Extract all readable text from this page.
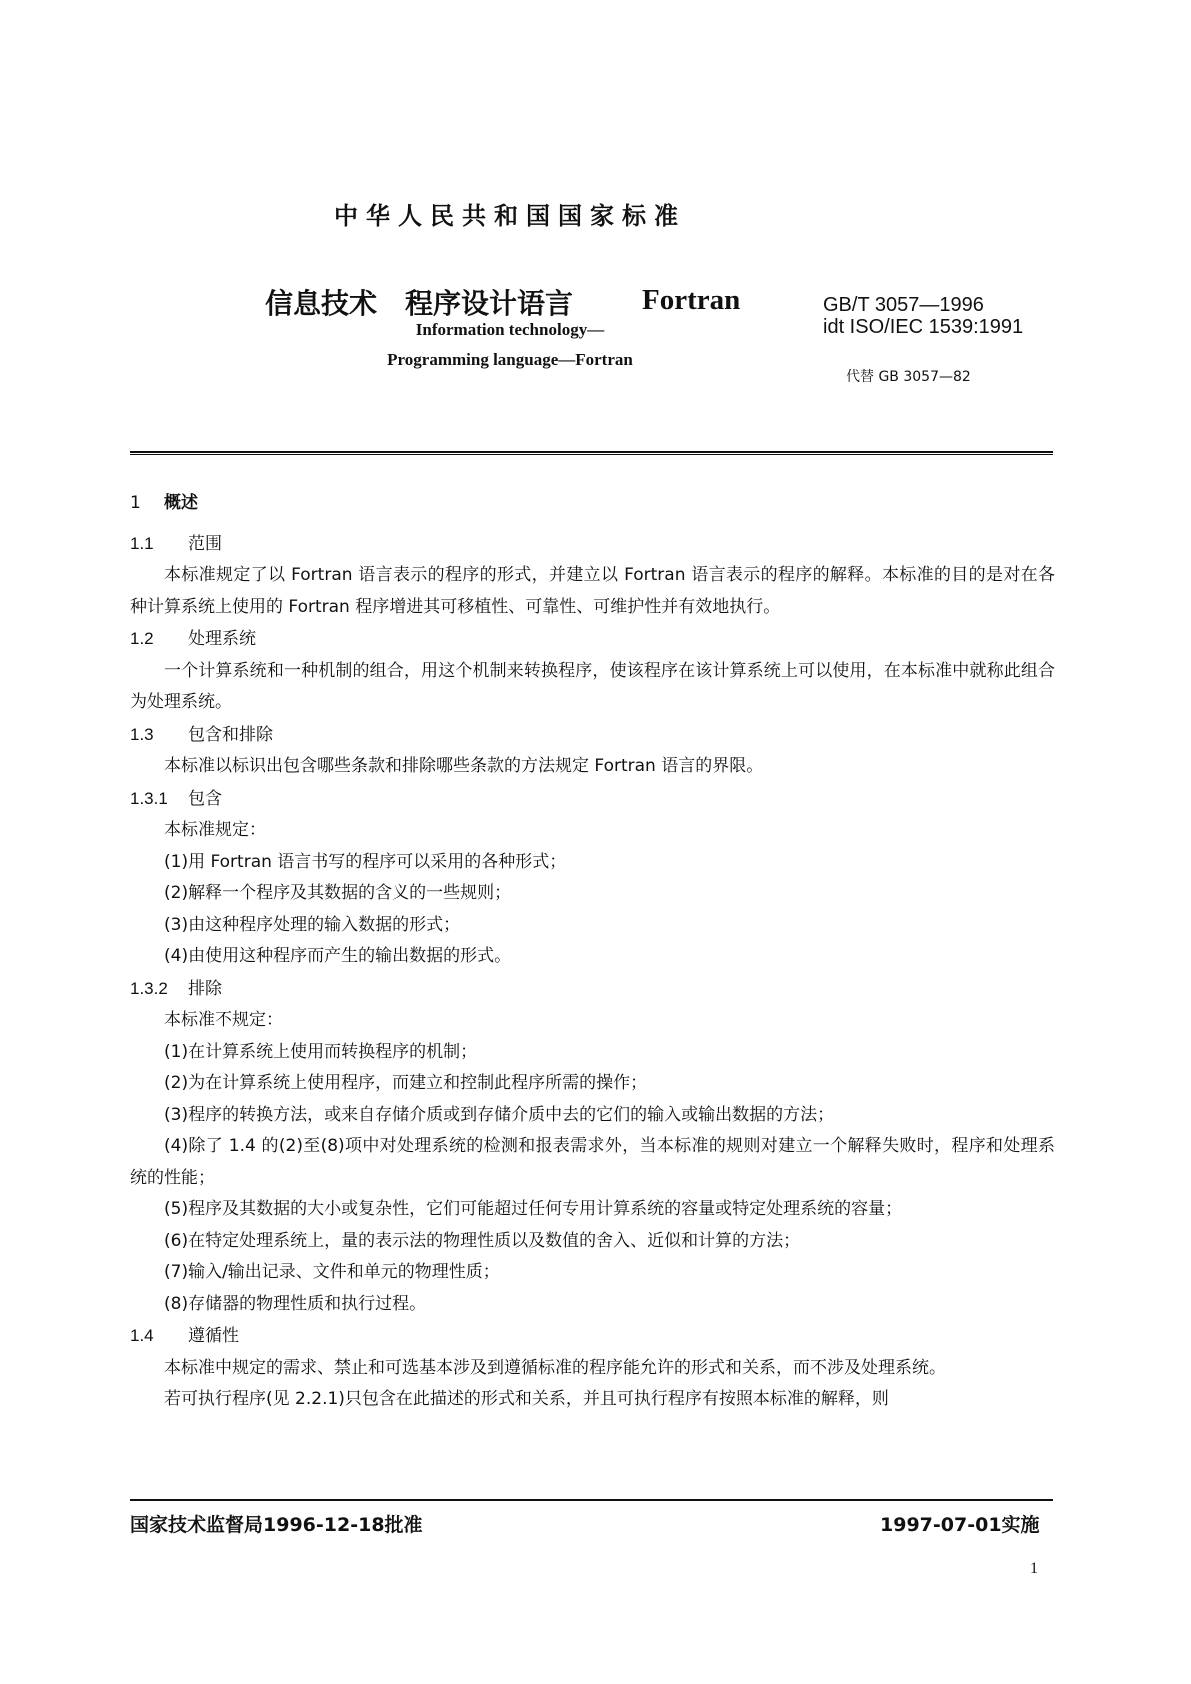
中华人民共和国国家标准
信息技术 程序设计语言 Fortran	GB/T 3057—1996
idt ISO/IEC 1539:1991
Information technology—
Programming language—Fortran
代替 GB 3057—82

1 概述

1.1 范围

本标准规定了以 Fortran 语言表示的程序的形式，并建立以 Fortran 语言表示的程序的解释。本标准的目的是对在各种计算系统上使用的 Fortran 程序增进其可移植性、可靠性、可维护性并有效地执行。

1.2 处理系统

一个计算系统和一种机制的组合，用这个机制来转换程序，使该程序在该计算系统上可以使用，在本标准中就称此组合为处理系统。

1.3 包含和排除

本标准以标识出包含哪些条款和排除哪些条款的方法规定 Fortran 语言的界限。

1.3.1 包含

本标准规定：

(1)用 Fortran 语言书写的程序可以采用的各种形式；

(2)解释一个程序及其数据的含义的一些规则；

(3)由这种程序处理的输入数据的形式；

(4)由使用这种程序而产生的输出数据的形式。

1.3.2 排除

本标准不规定：

(1)在计算系统上使用而转换程序的机制；

(2)为在计算系统上使用程序，而建立和控制此程序所需的操作；

(3)程序的转换方法，或来自存储介质或到存储介质中去的它们的输入或输出数据的方法；

(4)除了 1.4 的(2)至(8)项中对处理系统的检测和报表需求外，当本标准的规则对建立一个解释失败时，程序和处理系统的性能；

(5)程序及其数据的大小或复杂性，它们可能超过任何专用计算系统的容量或特定处理系统的容量；

(6)在特定处理系统上，量的表示法的物理性质以及数值的舍入、近似和计算的方法；

(7)输入/输出记录、文件和单元的物理性质；

(8)存储器的物理性质和执行过程。

1.4 遵循性

本标准中规定的需求、禁止和可选基本涉及到遵循标准的程序能允许的形式和关系，而不涉及处理系统。

若可执行程序(见 2.2.1)只包含在此描述的形式和关系，并且可执行程序有按照本标准的解释，则

国家技术监督局1996-12-18批准	1997-07-01实施
1
